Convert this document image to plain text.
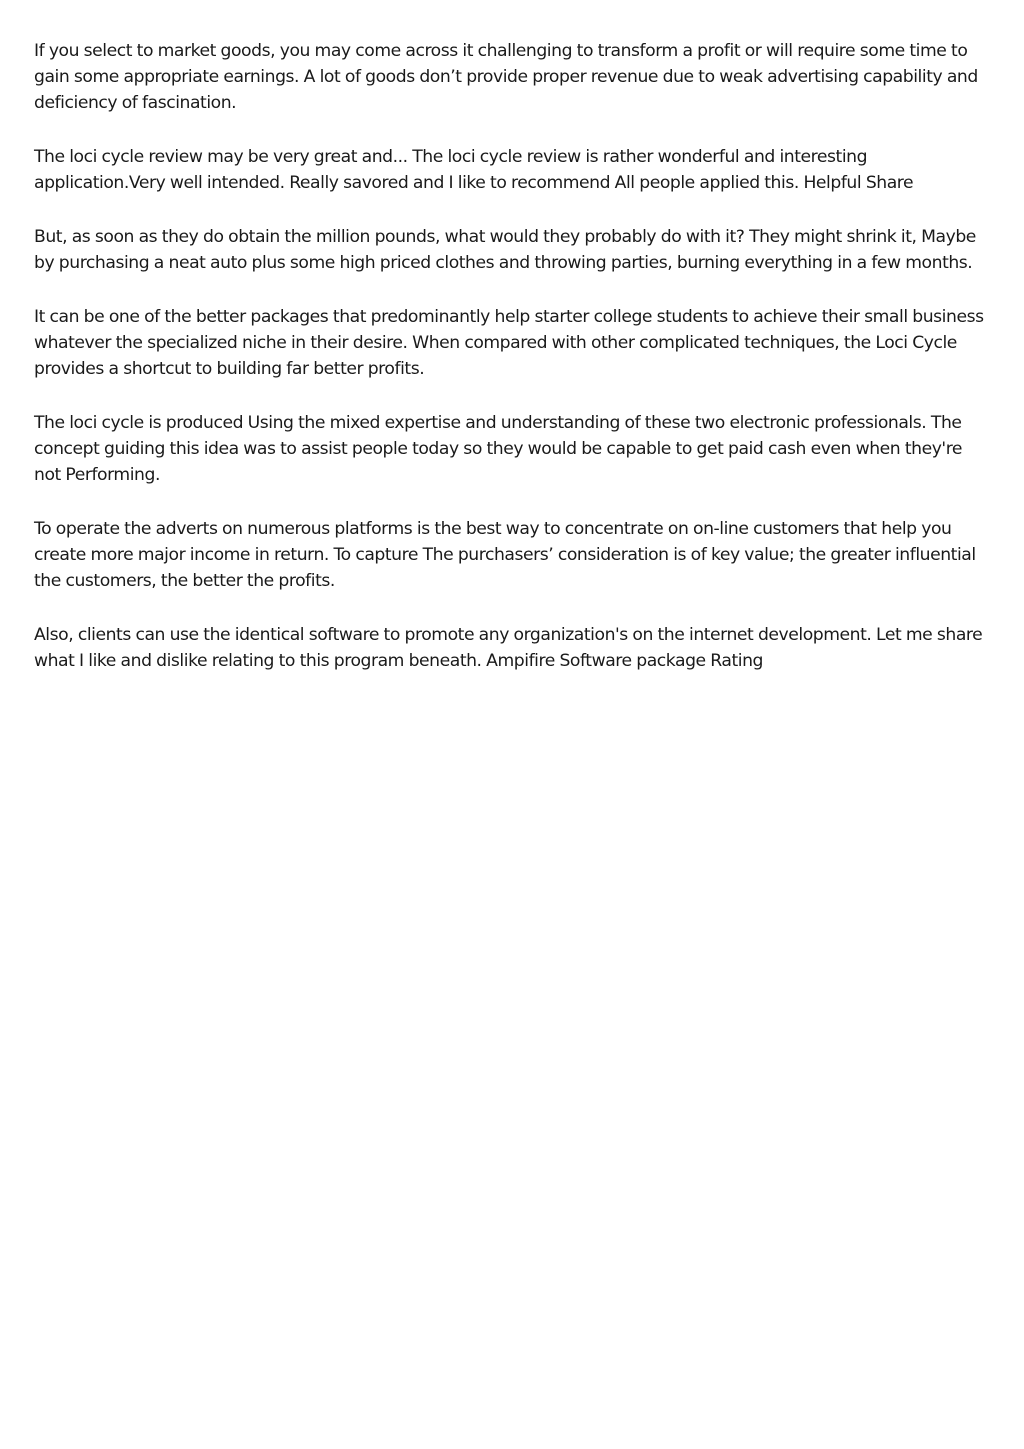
If you select to market goods, you may come across it challenging to transform a profit or will require some time to gain some appropriate earnings. A lot of goods don’t provide proper revenue due to weak advertising capability and deficiency of fascination.

The loci cycle review may be very great and... The loci cycle review is rather wonderful and interesting application.Very well intended. Really savored and I like to recommend All people applied this. Helpful Share

But, as soon as they do obtain the million pounds, what would they probably do with it? They might shrink it, Maybe by purchasing a neat auto plus some high priced clothes and throwing parties, burning everything in a few months.

It can be one of the better packages that predominantly help starter college students to achieve their small business whatever the specialized niche in their desire. When compared with other complicated techniques, the Loci Cycle provides a shortcut to building far better profits.

The loci cycle is produced Using the mixed expertise and understanding of these two electronic professionals. The concept guiding this idea was to assist people today so they would be capable to get paid cash even when they're not Performing.

To operate the adverts on numerous platforms is the best way to concentrate on on-line customers that help you create more major income in return. To capture The purchasers’ consideration is of key value; the greater influential the customers, the better the profits.

Also, clients can use the identical software to promote any organization's on the internet development. Let me share what I like and dislike relating to this program beneath. Ampifire Software package Rating
